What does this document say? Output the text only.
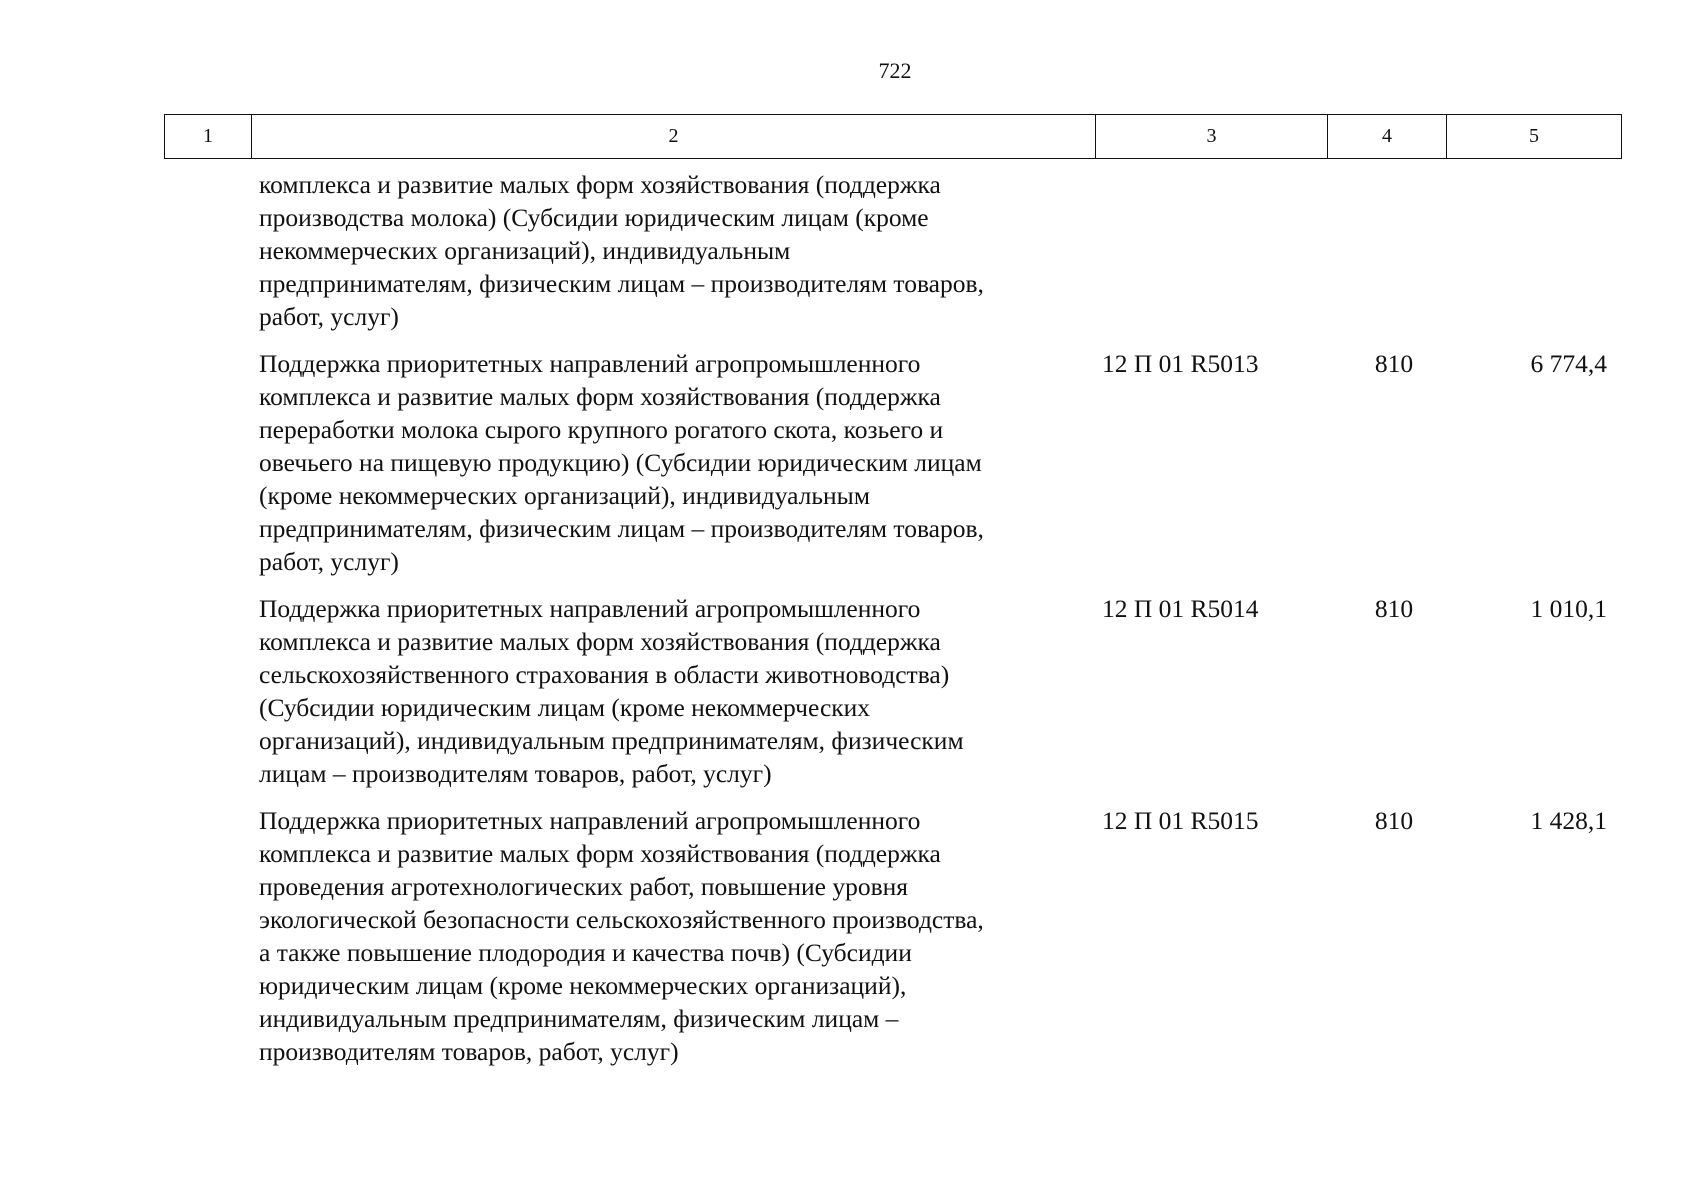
722
1	2	3	4	5
комплекса и развитие малых форм хозяйствования (поддержка
производства молока) (Субсидии юридическим лицам (кроме
некоммерческих организаций), индивидуальным
предпринимателям, физическим лицам – производителям товаров,
работ, услуг)
Поддержка приоритетных направлений агропромышленного
комплекса и развитие малых форм хозяйствования (поддержка
переработки молока сырого крупного рогатого скота, козьего и
овечьего на пищевую продукцию) (Субсидии юридическим лицам
(кроме некоммерческих организаций), индивидуальным
предпринимателям, физическим лицам – производителям товаров,
работ, услуг)
12 П 01 R5013	810	6 774,4
Поддержка приоритетных направлений агропромышленного
комплекса и развитие малых форм хозяйствования (поддержка
сельскохозяйственного страхования в области животноводства)
(Субсидии юридическим лицам (кроме некоммерческих
организаций), индивидуальным предпринимателям, физическим
лицам – производителям товаров, работ, услуг)
12 П 01 R5014	810	1 010,1
Поддержка приоритетных направлений агропромышленного
комплекса и развитие малых форм хозяйствования (поддержка
проведения агротехнологических работ, повышение уровня
экологической безопасности сельскохозяйственного производства,
а также повышение плодородия и качества почв) (Субсидии
юридическим лицам (кроме некоммерческих организаций),
индивидуальным предпринимателям, физическим лицам –
производителям товаров, работ, услуг)
12 П 01 R5015	810	1 428,1
